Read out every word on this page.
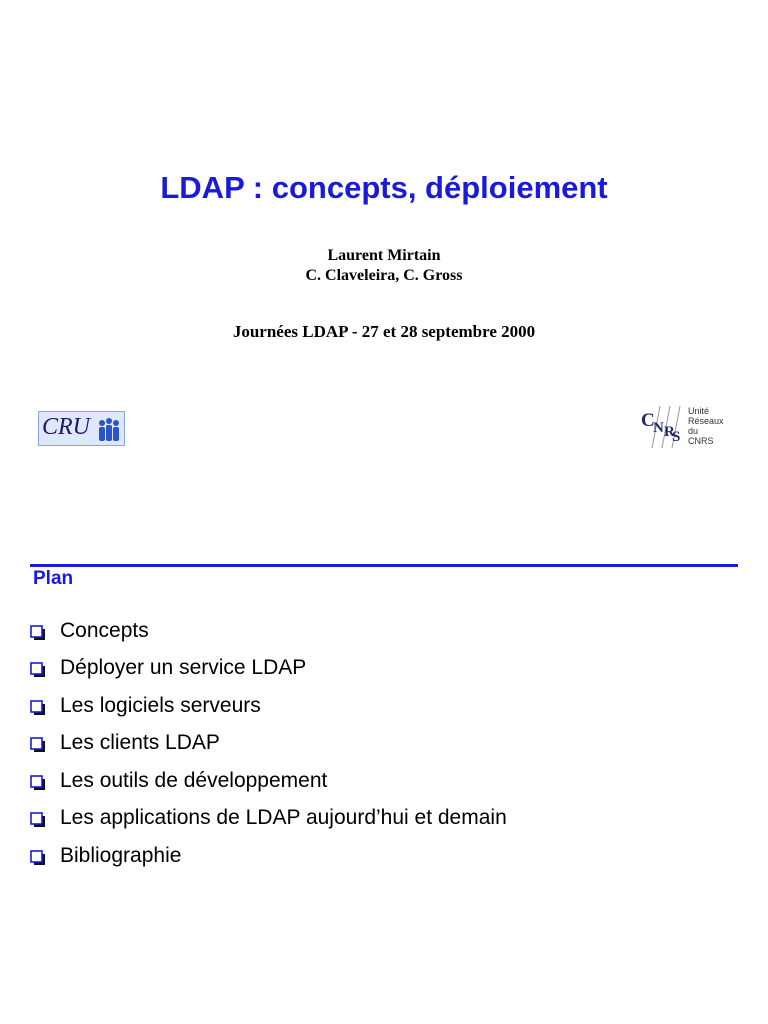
LDAP : concepts, déploiement
Laurent Mirtain
C. Claveleira, C. Gross
Journées LDAP - 27 et 28 septembre 2000
CRU	C
N R
S
Unité
Réseaux
du
CNRS
Plan
Concepts
Déployer un service LDAP
Les logiciels serveurs
Les clients LDAP
Les outils de développement
Les applications de LDAP aujourd’hui et demain
Bibliographie
